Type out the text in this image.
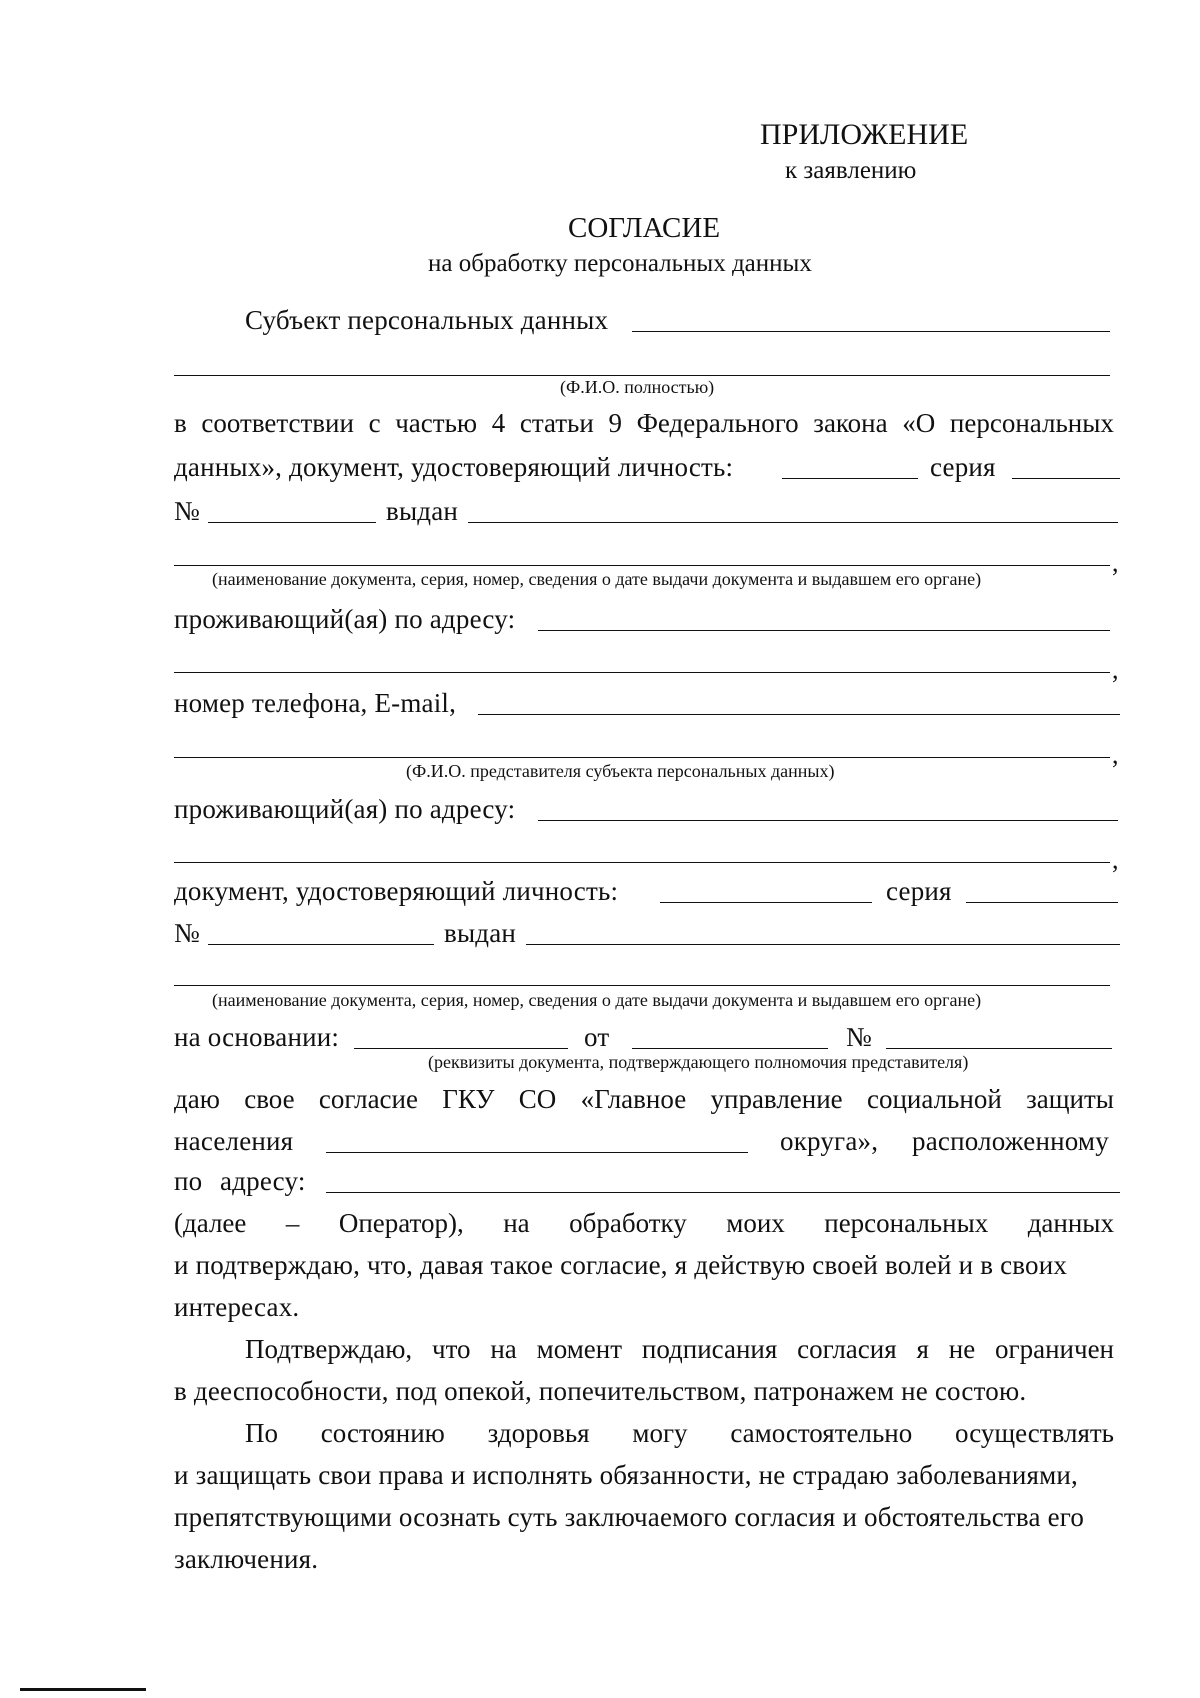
ПРИЛОЖЕНИЕ
к заявлению
СОГЛАСИЕ
на обработку персональных данных
Субъект персональных данных
(Ф.И.О. полностью)
в соответствии с частью 4 статьи 9 Федерального закона «О персональных
данных», документ, удостоверяющий личность:	серия
№	выдан
,
(наименование документа, серия, номер, сведения о дате выдачи документа и выдавшем его органе)
проживающий(ая) по адресу:
,
номер телефона, E-mail,
,
(Ф.И.О. представителя субъекта персональных данных)
проживающий(ая) по адресу:
,
документ, удостоверяющий личность:	серия
№	выдан
(наименование документа, серия, номер, сведения о дате выдачи документа и выдавшем его органе)
на основании:	от	№
(реквизиты документа, подтверждающего полномочия представителя)
даю свое согласие ГКУ СО «Главное управление социальной защиты
населения	округа», расположенному
по адресу:
(далее – Оператор), на обработку моих персональных данных
и подтверждаю, что, давая такое согласие, я действую своей волей и в своих
интересах.
Подтверждаю, что на момент подписания согласия я не ограничен
в дееспособности, под опекой, попечительством, патронажем не состою.
По состоянию здоровья могу самостоятельно осуществлять
и защищать свои права и исполнять обязанности, не страдаю заболеваниями,
препятствующими осознать суть заключаемого согласия и обстоятельства его
заключения.
